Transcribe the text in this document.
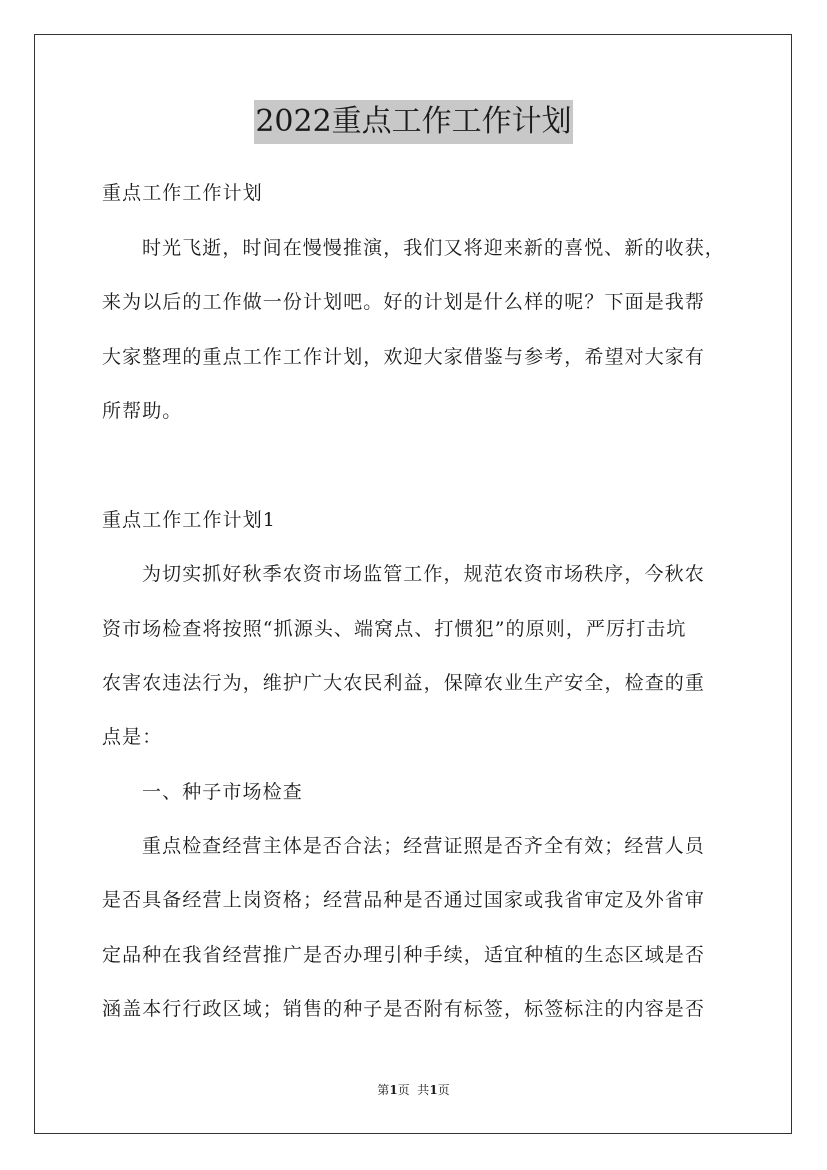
2022重点工作工作计划
重点工作工作计划
时光飞逝，时间在慢慢推演，我们又将迎来新的喜悦、新的收获，
来为以后的工作做一份计划吧。好的计划是什么样的呢？下面是我帮
大家整理的重点工作工作计划，欢迎大家借鉴与参考，希望对大家有
所帮助。
重点工作工作计划1
为切实抓好秋季农资市场监管工作，规范农资市场秩序，今秋农
资市场检查将按照“抓源头、端窝点、打惯犯”的原则，严厉打击坑
农害农违法行为，维护广大农民利益，保障农业生产安全，检查的重
点是：
一、种子市场检查
重点检查经营主体是否合法；经营证照是否齐全有效；经营人员
是否具备经营上岗资格；经营品种是否通过国家或我省审定及外省审
定品种在我省经营推广是否办理引种手续，适宜种植的生态区域是否
涵盖本行行政区域；销售的种子是否附有标签，标签标注的内容是否
第1页  共1页
